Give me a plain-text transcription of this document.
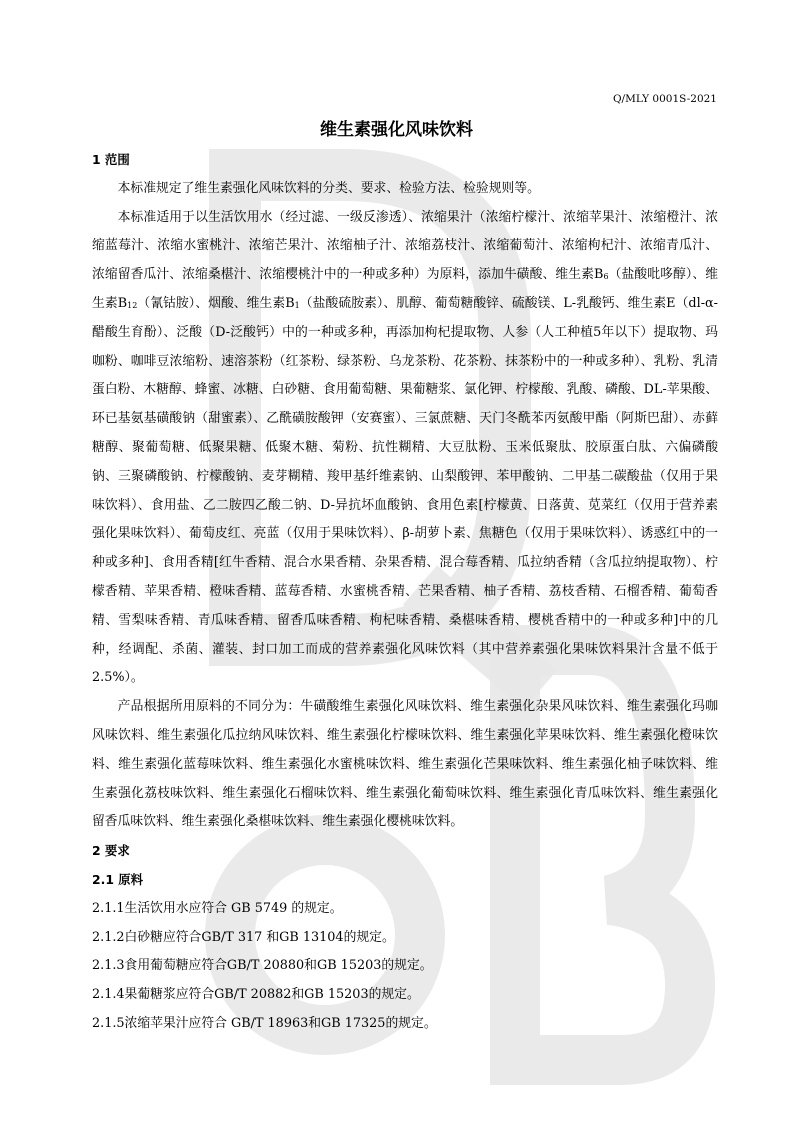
Q/MLY 0001S-2021
维生素强化风味饮料
1 范围

本标准规定了维生素强化风味饮料的分类、要求、检验方法、检验规则等。

本标准适用于以生活饮用水（经过滤、一级反渗透）、浓缩果汁（浓缩柠檬汁、浓缩苹果汁、浓缩橙汁、浓缩蓝莓汁、浓缩水蜜桃汁、浓缩芒果汁、浓缩柚子汁、浓缩荔枝汁、浓缩葡萄汁、浓缩枸杞汁、浓缩青瓜汁、浓缩留香瓜汁、浓缩桑椹汁、浓缩樱桃汁中的一种或多种）为原料，添加牛磺酸、维生素$B_6$（盐酸吡哆醇）、维生素$B_{12}$（氰钴胺）、烟酸、维生素$B_1$（盐酸硫胺素）、肌醇、葡萄糖酸锌、硫酸镁、L-乳酸钙、维生素E（dl-α-醋酸生育酚）、泛酸（D-泛酸钙）中的一种或多种，再添加枸杞提取物、人参（人工种植5年以下）提取物、玛咖粉、咖啡豆浓缩粉、速溶茶粉（红茶粉、绿茶粉、乌龙茶粉、花茶粉、抹茶粉中的一种或多种）、乳粉、乳清蛋白粉、木糖醇、蜂蜜、冰糖、白砂糖、食用葡萄糖、果葡糖浆、氯化钾、柠檬酸、乳酸、磷酸、DL-苹果酸、环已基氨基磺酸钠（甜蜜素）、乙酰磺胺酸钾（安赛蜜）、三氯蔗糖、天门冬酰苯丙氨酸甲酯（阿斯巴甜）、赤藓糖醇、聚葡萄糖、低聚果糖、低聚木糖、菊粉、抗性糊精、大豆肽粉、玉米低聚肽、胶原蛋白肽、六偏磷酸钠、三聚磷酸钠、柠檬酸钠、麦芽糊精、羧甲基纤维素钠、山梨酸钾、苯甲酸钠、二甲基二碳酸盐（仅用于果味饮料）、食用盐、乙二胺四乙酸二钠、D-异抗坏血酸钠、食用色素[柠檬黄、日落黄、苋菜红（仅用于营养素强化果味饮料）、葡萄皮红、亮蓝（仅用于果味饮料）、β-胡萝卜素、焦糖色（仅用于果味饮料）、诱惑红中的一种或多种]、食用香精[红牛香精、混合水果香精、杂果香精、混合莓香精、瓜拉纳香精（含瓜拉纳提取物）、柠檬香精、苹果香精、橙味香精、蓝莓香精、水蜜桃香精、芒果香精、柚子香精、荔枝香精、石榴香精、葡萄香精、雪梨味香精、青瓜味香精、留香瓜味香精、枸杞味香精、桑椹味香精、樱桃香精中的一种或多种]中的几种，经调配、杀菌、灌装、封口加工而成的营养素强化风味饮料（其中营养素强化果味饮料果汁含量不低于2.5%）。

产品根据所用原料的不同分为：牛磺酸维生素强化风味饮料、维生素强化杂果风味饮料、维生素强化玛咖风味饮料、维生素强化瓜拉纳风味饮料、维生素强化柠檬味饮料、维生素强化苹果味饮料、维生素强化橙味饮料、维生素强化蓝莓味饮料、维生素强化水蜜桃味饮料、维生素强化芒果味饮料、维生素强化柚子味饮料、维生素强化荔枝味饮料、维生素强化石榴味饮料、维生素强化葡萄味饮料、维生素强化青瓜味饮料、维生素强化留香瓜味饮料、维生素强化桑椹味饮料、维生素强化樱桃味饮料。

2 要求
2.1 原料

2.1.1生活饮用水应符合 GB 5749 的规定。

2.1.2白砂糖应符合GB/T 317 和GB 13104的规定。

2.1.3食用葡萄糖应符合GB/T 20880和GB 15203的规定。

2.1.4果葡糖浆应符合GB/T 20882和GB 15203的规定。

2.1.5浓缩苹果汁应符合 GB/T 18963和GB 17325的规定。
